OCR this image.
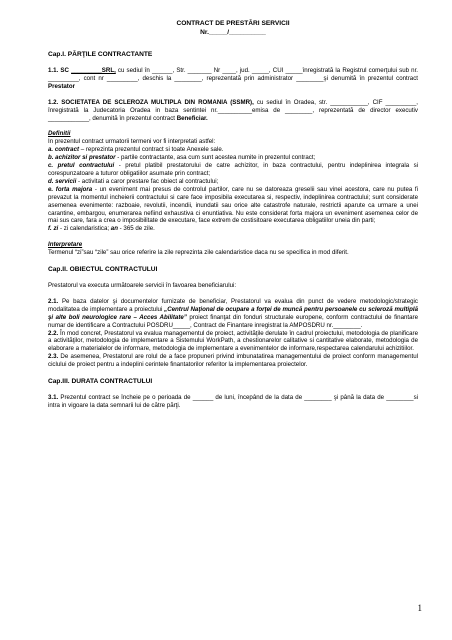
CONTRACT DE PRESTĂRI SERVICII
Nr._____/__________

Cap.I. PĂRŢILE CONTRACTANTE

1.1. SC _________SRL, cu sediul în ______, Str. _______ Nr ____, jud. _____, CUI _____înregistrată la Registrul comerţului sub nr. _________, cont nr _________, deschis la ________, reprezentată prin administrator ________şi denumită în prezentul contract Prestator

1.2. SOCIETATEA DE SCLEROZA MULTIPLA DIN ROMANIA (SSMR), cu sediul în Oradea, str. ___________, CIF _________, înregistrată la Judecatoria Oradea in baza sentintei nr.__________emisa de ________, reprezentată de director executiv ____________, denumită în prezentul contract Beneficiar.

Definitii

In prezentul contract urmatorii termeni vor fi interpretati astfel:

a. contract – reprezinta prezentul contract si toate Anexele sale.

b. achizitor si prestator - partile contractante, asa cum sunt acestea numite in prezentul contract;

c. pretul contractului - pretul platibil prestatorului de catre achizitor, in baza contractului, pentru indeplinirea integrala si corespunzatoare a tuturor obligatiilor asumate prin contract;

d. servicii - activitati a caror prestare fac obiect al contractului;

e. forta majora - un eveniment mai presus de controlul partilor, care nu se datoreaza greselii sau vinei acestora, care nu putea fi prevazut la momentul incheierii contractului si care face imposibila executarea si, respectiv, indeplinirea contractului; sunt considerate asemenea evenimente: razboaie, revolutii, incendii, inundatii sau orice alte catastrofe naturale, restrictii aparute ca urmare a unei carantine, embargou, enumerarea nefiind exhaustiva ci enuntiativa. Nu este considerat forta majora un eveniment asemenea celor de mai sus care, fara a crea o imposibilitate de executare, face extrem de costisitoare executarea obligatiilor uneia din parti;

f. zi - zi calendaristica; an - 365 de zile.

Interpretare

Termenul “zi”sau “zile” sau orice referire la zile reprezinta zile calendaristice daca nu se specifica in mod diferit.

Cap.II. OBIECTUL CONTRACTULUI

Prestatorul va executa următoarele servicii în favoarea beneficiarului:

2.1. Pe baza datelor şi documentelor furnizate de beneficiar, Prestatorul va evalua din punct de vedere metodologic/strategic modalitatea de implementare a proiectului „Centrul Naţional de ocupare a forţei de muncă pentru persoanele cu scleroză multiplă şi alte boli neurologice rare – Acces Abilitate” proiect finanţat din fonduri structurale europene, conform contractului de finantare numar de identificare a Contractului POSDRU_____, Contract de Finantare inregistrat la AMPOSDRU nr.________.

2.2. În mod concret, Prestatorul va evalua managementul de proiect, activităţile derulate în cadrul proiectului, metodologia de planificare a activităţilor, metodologia de implementare a Sistemului WorkPath, a chestionarelor calitative si cantitative elaborate, metodologia de elaborare a materialelor de informare, metodologia de implementare a evenimentelor de informare,respectarea calendarului achizitiilor.

2.3. De asemenea, Prestatorul are rolul de a face propuneri privind imbunatatirea managementului de proiect conform managementul ciclului de proiect pentru a indeplini cerintele finantatorilor referitor la implementarea proiectelor.

Cap.III. DURATA CONTRACTULUI

3.1. Prezentul contract se încheie pe o perioada de ______ de luni, începând de la data de ________ şi până la data de ________si intra in vigoare la data semnarii lui de către părţi.

1
